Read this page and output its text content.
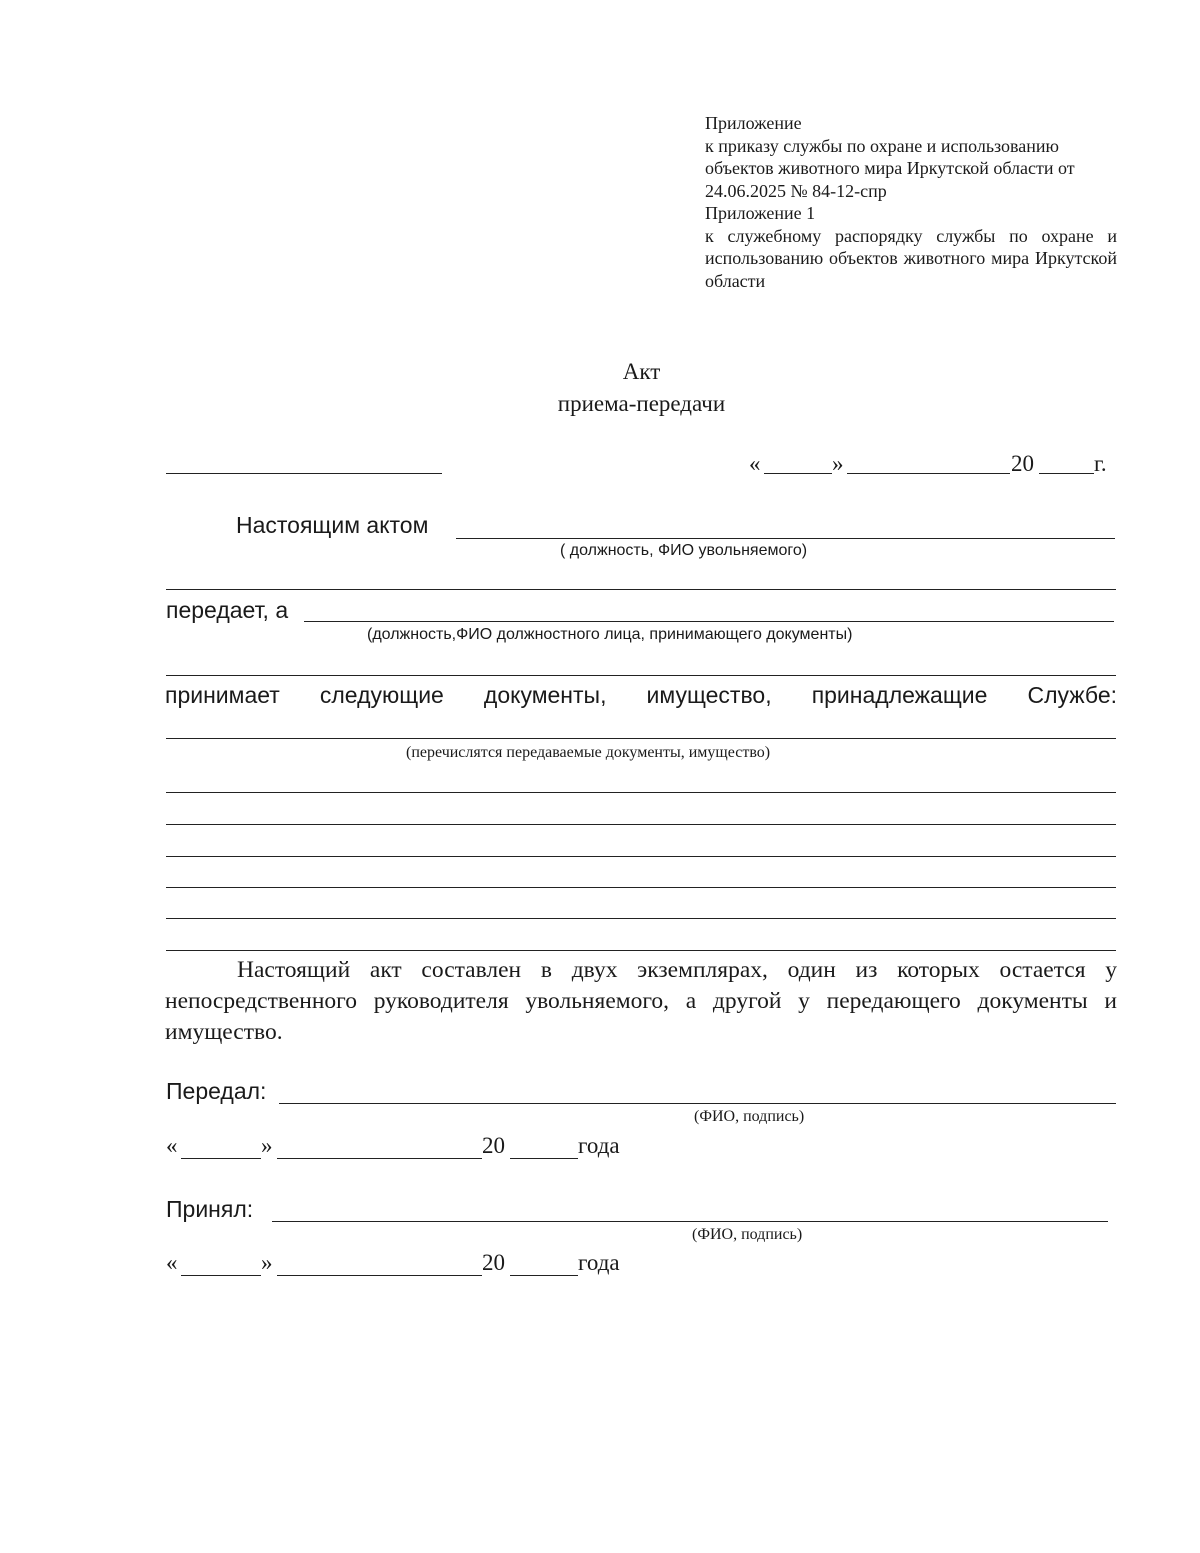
Приложение
к приказу службы по охране и использованию
объектов животного мира Иркутской области от
24.06.2025 № 84-12-спр
Приложение 1
к служебному распорядку службы по охране и использованию объектов животного мира Иркутской области
Акт
приема-передачи
«	»	20	г.
Настоящим актом
( должность, ФИО увольняемого)
передает, а
(должность,ФИО должностного лица, принимающего документы)
принимает следующие документы, имущество, принадлежащие Службе:
(перечислятся передаваемые документы, имущество)
Настоящий акт составлен в двух экземплярах, один из которых остается у непосредственного руководителя увольняемого, а другой у передающего документы и имущество.
Передал:
(ФИО, подпись)
«	»	20	года
Принял:
(ФИО, подпись)
«	»	20	года
